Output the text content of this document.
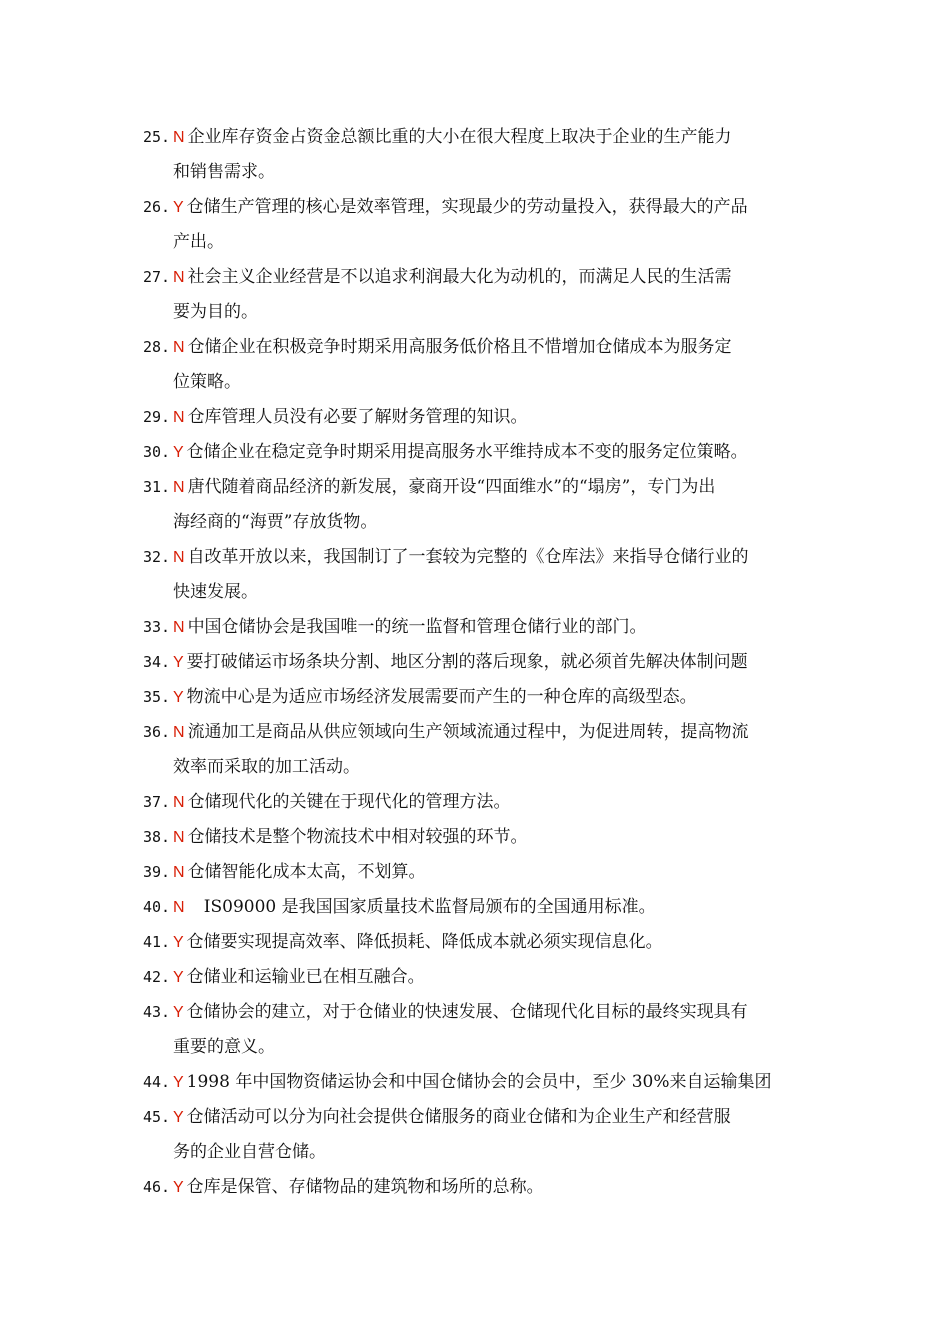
25. N 企业库存资金占资金总额比重的大小在很大程度上取决于企业的生产能力
和销售需求。
26. Y 仓储生产管理的核心是效率管理，实现最少的劳动量投入，获得最大的产品
产出。
27. N 社会主义企业经营是不以追求利润最大化为动机的，而满足人民的生活需
要为目的。
28. N 仓储企业在积极竞争时期采用高服务低价格且不惜增加仓储成本为服务定
位策略。
29. N 仓库管理人员没有必要了解财务管理的知识。
30. Y 仓储企业在稳定竞争时期采用提高服务水平维持成本不变的服务定位策略。
31. N 唐代随着商品经济的新发展，豪商开设“四面维水”的“塌房”，专门为出
海经商的“海贾”存放货物。
32. N 自改革开放以来，我国制订了一套较为完整的《仓库法》来指导仓储行业的
快速发展。
33. N 中国仓储协会是我国唯一的统一监督和管理仓储行业的部门。
34. Y 要打破储运市场条块分割、地区分割的落后现象，就必须首先解决体制问题
35. Y 物流中心是为适应市场经济发展需要而产生的一种仓库的高级型态。
36. N 流通加工是商品从供应领域向生产领域流通过程中，为促进周转，提高物流
效率而采取的加工活动。
37. N 仓储现代化的关键在于现代化的管理方法。
38. N 仓储技术是整个物流技术中相对较强的环节。
39. N 仓储智能化成本太高，不划算。
40. N   IS09000 是我国国家质量技术监督局颁布的全国通用标准。
41. Y 仓储要实现提高效率、降低损耗、降低成本就必须实现信息化。
42. Y 仓储业和运输业已在相互融合。
43. Y 仓储协会的建立，对于仓储业的快速发展、仓储现代化目标的最终实现具有
重要的意义。
44. Y 1998 年中国物资储运协会和中国仓储协会的会员中，至少 30%来自运输集团
45. Y 仓储活动可以分为向社会提供仓储服务的商业仓储和为企业生产和经营服
务的企业自营仓储。
46. Y 仓库是保管、存储物品的建筑物和场所的总称。
